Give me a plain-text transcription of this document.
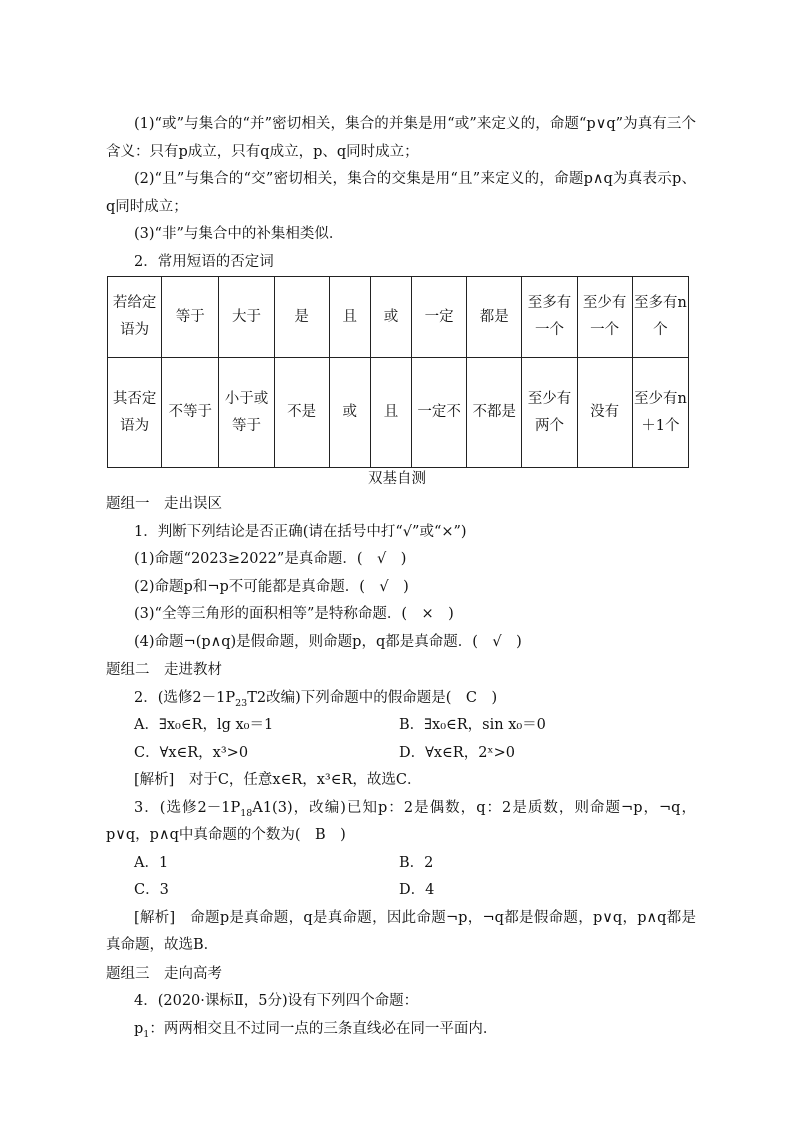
(1)“或”与集合的“并”密切相关，集合的并集是用“或”来定义的，命题“p∨q”为真有三个含义：只有p成立，只有q成立，p、q同时成立；
(2)“且”与集合的“交”密切相关，集合的交集是用“且”来定义的，命题p∧q为真表示p、q同时成立；
(3)“非”与集合中的补集相类似．
2．常用短语的否定词
若给定语为	等于	大于	是	且	或	一定	都是	至多有一个	至少有一个	至多有n个
其否定语为	不等于	小于或等于	不是	或	且	一定不	不都是	至少有两个	没有	至少有n＋1个
双基自测
题组一　走出误区
1．判断下列结论是否正确(请在括号中打“√”或“×”)
(1)命题“2023≥2022”是真命题．(　√　)
(2)命题p和¬p不可能都是真命题．(　√　)
(3)“全等三角形的面积相等”是特称命题．(　×　)
(4)命题¬(p∧q)是假命题，则命题p，q都是真命题．(　√　)
题组二　走进教材
2．(选修$2-1P_{23}T2$改编)下列命题中的假命题是(　C　)
A．∃x₀∈R，lg x₀＝1	B．∃x₀∈R，sin x₀＝0
C．∀x∈R，x³>0	D．∀x∈R，2ˣ>0
[解析]　对于C，任意x∈R，x³∈R，故选C．
3．(选修$2-1P_{18}A1(3)$，改编)已知p：2是偶数，q：2是质数，则命题¬p，¬q，p∨q，p∧q中真命题的个数为(　B　)
A．1	B．2
C．3	D．4
[解析]　命题p是真命题，q是真命题，因此命题¬p，¬q都是假命题，p∨q，p∧q都是真命题，故选B．
题组三　走向高考
4．(2020·课标Ⅱ，5分)设有下列四个命题：
$p_1$：两两相交且不过同一点的三条直线必在同一平面内．
